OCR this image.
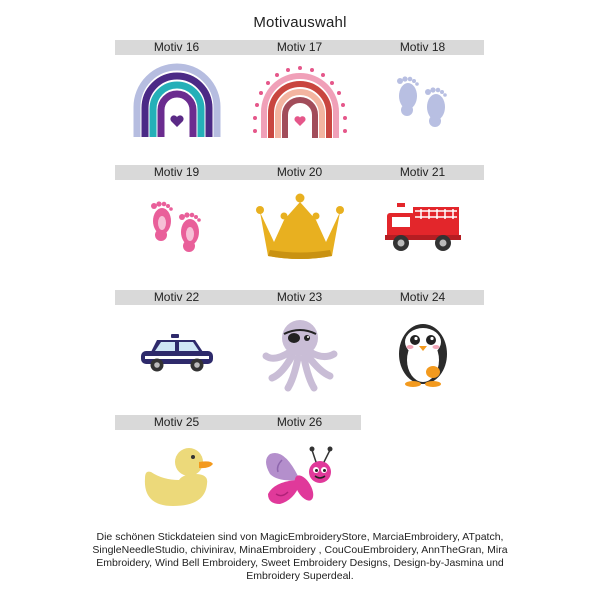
Motivauswahl
Motiv 16	Motiv 17	Motiv 18
Motiv 19	Motiv 20	Motiv 21
Motiv 22	Motiv 23	Motiv 24
Motiv 25	Motiv 26
Die schönen Stickdateien sind von MagicEmbroideryStore, MarciaEmbroidery, ATpatch, SingleNeedleStudio, chivinirav, MinaEmbroidery , CouCouEmbroidery, AnnTheGran, Mira Embroidery, Wind Bell Embroidery, Sweet Embroidery Designs, Design-by-Jasmina und Embroidery Superdeal.
